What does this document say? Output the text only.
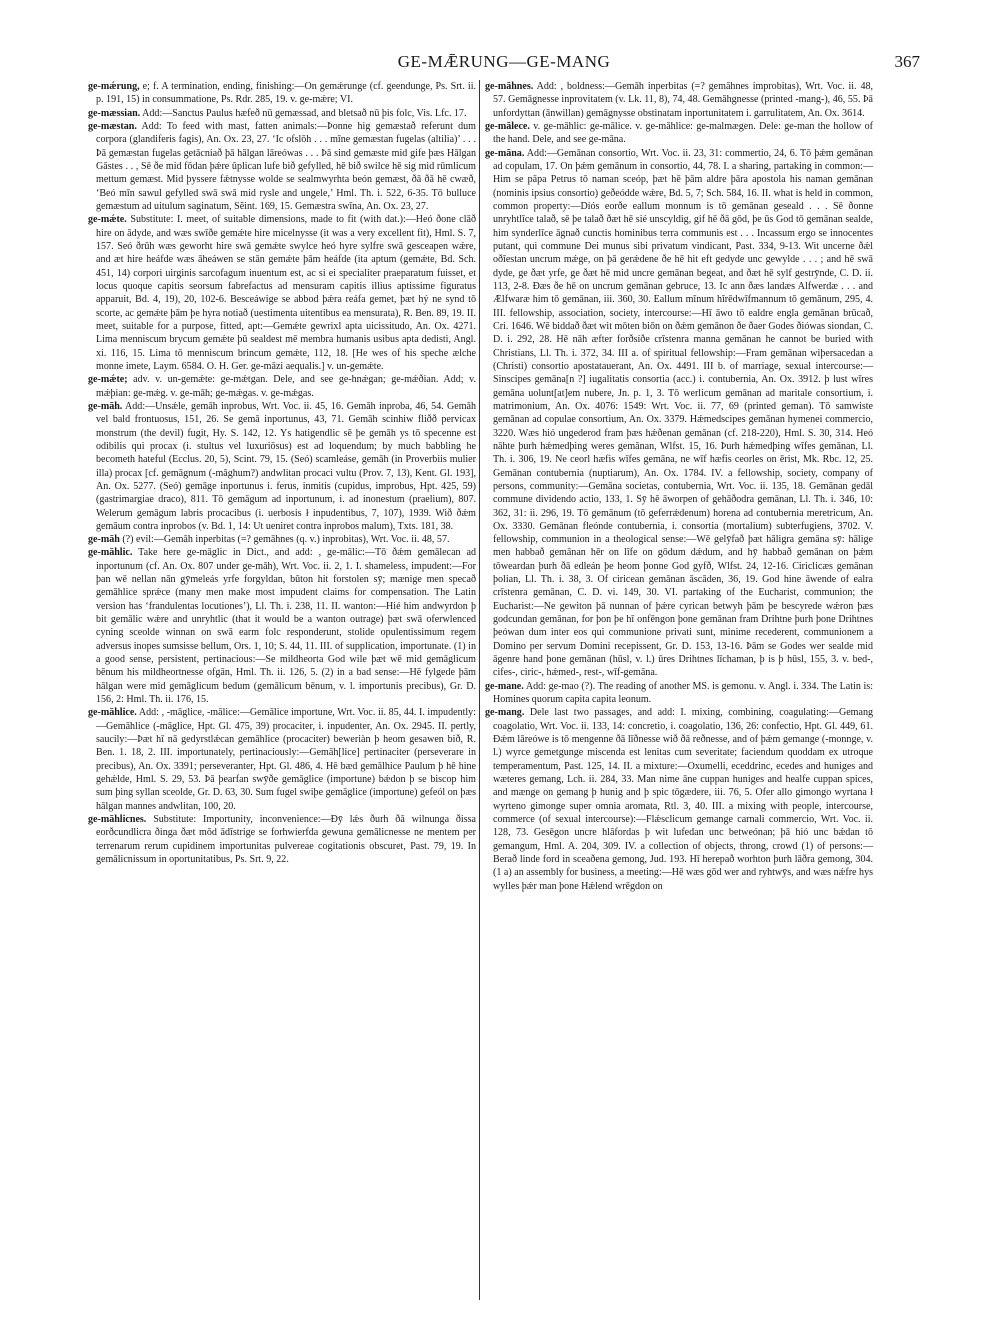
GE-MǢRUNG—GE-MANG	367

ge-mǽrung, e; f. A termination, ending, finishing:—On gemǽrunge (cf. geendunge, Ps. Srt. ii. p. 191, 15) in consummatione, Ps. Rdr. 285, 19. v. ge-mǽre; VI.

ge-mæssian. Add:—Sanctus Paulus hæfeð nū gemæssad, and bletsað nū þis folc, Vis. Lfc. 17.

ge-mæstan. Add: To feed with mast, fatten animals:—Þonne hig gemæstað referunt dum corpora (glandiferis fagis), An. Ox. 23, 27. ‘Ic ofslōh . . . mīne gemæstan fugelas (altilia)’ . . . Þā gemæstan fugelas getācniað þā hālgan lāreówas . . . Þā sind gemæste mid gife þæs Hālgan Gāstes . . , Sē ðe mid fōdan þǽre ūplican lufe bið gefylled, hē bið swilce hē sig mid rūmlicum mettum gemæst. Mid þyssere fǽtnysse wolde se sealmwyrhta beón gemæst, ðā ðā hē cwæð, ‘Beó mīn sawul gefylled swā swā mid rysle and ungele,’ Hml. Th. i. 522, 6-35. Tō bulluce gemæstum ad uitulum saginatum, Sĕint. 169, 15. Gemæstra swīna, An. Ox. 23, 27.

ge-mǽte. Substitute: I. meet, of suitable dimensions, made to fit (with dat.):—Heó ðone clāð hire on ādyde, and wæs swīðe gemǽte hire micelnysse (it was a very excellent fit), Hml. S. 7, 157. Seó ðrūh wæs geworht hire swā gemǽte swylce heó hyre sylfre swā gesceapen wǽre, and æt hire heáfde wæs āheáwen se stān gemǽte þām heáfde (ita aptum (gemǽte, Bd. Sch. 451, 14) corpori uirginis sarcofagum inuentum est, ac si ei specialiter praeparatum fuisset, et locus quoque capitis seorsum fabrefactus ad mensuram capitis illius aptissime figuratus apparuit, Bd. 4, 19), 20, 102-6. Besceáwige se abbod þǽra reáfa gemet, þæt hý ne synd tō scorte, ac gemǽte þām þe hyra notiað (uestimenta uitentibus ea mensurata), R. Ben. 89, 19. II. meet, suitable for a purpose, fitted, apt:—Gemǽte gewrixl apta uicissitudo, An. Ox. 4271. Lima menniscum brycum gemǽte þū sealdest mē membra humanis usibus apta dedisti, Angl. xi. 116, 15. Lima tō menniscum brincum gemǽte, 112, 18. [He wes of his speche ælche monne imete, Laym. 6584. O. H. Ger. ge-māzi aequalis.] v. un-gemǽte.

ge-mǽte; adv. v. un-gemǽte: ge-mǽtgan. Dele, and see ge-hnǽgan; ge-mǽðian. Add; v. mǽþian: ge-mǽg. v. ge-māh; ge-mǽgas. v. ge-mǽgas.

ge-māh. Add:—Unsǽle, gemāh inprobus, Wrt. Voc. ii. 45, 16. Gemāh inproba, 46, 54. Gemāh vel bald frontuosus, 151, 26. Se gemā inportunus, 43, 71. Gemāh scinhiw fliðð pervicax monstrum (the devil) fugit, Hy. S. 142, 12. Ys hatigendlic sē þe gemāh ys tō specenne est odibilis qui procax (i. stultus vel luxuriōsus) est ad loquendum; by much babbling he becometh hateful (Ecclus. 20, 5), Scint. 79, 15. (Seó) scamleáse, gemāh (in Proverbiis mulier illa) procax [cf. gemāgnum (-māghum?) andwlitan procaci vultu (Prov. 7, 13), Kent. Gl. 193], An. Ox. 5277. (Seó) gemāge inportunus i. ferus, inmitis (cupidus, improbus, Hpt. 425, 59) (gastrimargiae draco), 811. Tō gemāgum ad inportunum, i. ad inonestum (praelium), 807. Welerum gemāgum labris procacibus (i. uerbosis ł inpudentibus, 7, 107), 1939. Wið ðǽm gemāum contra inprobos (v. Bd. 1, 14: Ut ueniret contra inprobos malum), Txts. 181, 38.

ge-māh (?) evil:—Gemāh inperbitas (=? gemāhnes (q. v.) inprobitas), Wrt. Voc. ii. 48, 57.

ge-māhlic. Take here ge-māglic in Dict., and add: , ge-mālic:—Tō ðǽm gemālecan ad inportunum (cf. An. Ox. 807 under ge-māh), Wrt. Voc. ii. 2, 1. I. shameless, impudent:—For þan wē nellan nān gȳmeleás yrfe forgyldan, būton hit forstolen sȳ; mænige men specað gemāhlice sprǽce (many men make most impudent claims for compensation. The Latin version has ‘frandulentas locutiones’), Ll. Th. i. 238, 11. II. wanton:—Hié him andwyrdon þ bit gemālic wǽre and unryhtlic (that it would be a wanton outrage) þæt swā oferwlenced cyning sceolde winnan on swā earm folc responderunt, stolide opulentissimum regem adversus inopes sumsisse bellum, Ors. 1, 10; S. 44, 11. III. of supplication, importunate. (1) in a good sense, persistent, pertinacious:—Se mildheorta God wile þæt wē mid gemāglicum bēnum his mildheortnesse ofgān, Hml. Th. ii. 126, 5. (2) in a bad sense:—Hē fylgede þām hālgan were mid gemāglicum bedum (gemālicum bēnum, v. l. importunis precibus), Gr. D. 156, 2: Hml. Th. ii. 176, 15.

ge-māhlice. Add: , -māglice, -mālice:—Gemālice importune, Wrt. Voc. ii. 85, 44. I. impudently:—Gemāhlice (-māglice, Hpt. Gl. 475, 39) procaciter, i. inpudenter, An. Ox. 2945. II. pertly, saucily:—Þæt hī nā gedyrstlǽcan gemāhlice (procaciter) beweriàn þ heom gesawen bið, R. Ben. 1. 18, 2. III. importunately, pertinaciously:—Gemāh[lice] pertinaciter (perseverare in precibus), An. Ox. 3391; perseveranter, Hpt. Gl. 486, 4. Hē bæd gemālhice Paulum þ hē hine gehǽlde, Hml. S. 29, 53. Þā þearfan swȳðe gemāglice (importune) bǽdon þ se biscop him sum þing syllan sceolde, Gr. D. 63, 30. Sum fugel swiþe gemāglice (importune) gefeól on þæs hālgan mannes andwlitan, 100, 20.

ge-māhlicnes. Substitute: Importunity, inconvenience:—Ðȳ lǽs ðurh ðā wilnunga ðissa eorðcundlicra ðinga ðæt mōd ādīstrige se forhwierfda gewuna gemālicnesse ne mentem per terrenarum rerum cupidinem importunitas pulvereae cogitationis obscuret, Past. 79, 19. In gemālicnissum in oportunitatibus, Ps. Srt. 9, 22.

ge-māhnes. Add: , boldness:—Gemāh inperbitas (=? gemāhnes improbitas), Wrt. Voc. ii. 48, 57. Gemāgnesse inprovitatem (v. Lk. 11, 8), 74, 48. Gemāhgnesse (printed -mang-), 46, 55. Þā unfordyttan (ānwillan) gemāgnysse obstinatam inportunitatem i. garrulitatem, An. Ox. 3614.

ge-mālece. v. ge-māhlic: ge-mālice. v. ge-māhlice: ge-malmægen. Dele: ge-man the hollow of the hand. Dele, and see ge-māna.

ge-māna. Add:—Gemānan consortio, Wrt. Voc. ii. 23, 31: commertio, 24, 6. Tō þǽm gemānan ad copulam, 17. On þǽm gemānum in consortio, 44, 78. I. a sharing, partaking in common:—Him se pāpa Petrus tō naman sceóp, þæt hē þām aldre þāra apostola his naman gemānan (nominis ipsius consortio) geðeódde wǽre, Bd. 5, 7; Sch. 584, 16. II. what is held in common, common property:—Diós eorðe eallum monnum is tō gemānan geseald . . . Sē ðonne unryhtlīce talað, sē þe talað ðæt hē sié unscyldig, gif hē ðā gōd, þe ūs God tō gemānan sealde, him synderlīce āgnað cunctis hominibus terra communis est . . . Incassum ergo se innocentes putant, qui commune Dei munus sibi privatum vindicant, Past. 334, 9-13. Wit uncerne ðǽl oðīestan uncrum mǽge, on þā gerǽdene ðe hē hit eft gedyde unc gewylde . . . ; and hē swā dyde, ge ðæt yrfe, ge ðæt hē mid uncre gemānan begeat, and ðæt hē sylf gestrȳnde, C. D. ii. 113, 2-8. Ðæs ðe hē on uncrum gemānan gebruce, 13. Ic ann ðæs landæs Alfwerdæ . . . and Ælfwaræ him tō gemānan, iii. 360, 30. Eallum mīnum hīrēdwīfmannum tō gemānum, 295, 4. III. fellowship, association, society, intercourse:—Hī āwo tō ealdre engla gemānan brūcað, Cri. 1646. Wē biddað ðæt wit mōten biōn on ðǽm gemānon ðe ðaer Godes ðiówas siondan, C. D. i. 292, 28. Hē nāh æfter forðsíðe crīstenra manna gemānan he cannot be buried with Christians, Ll. Th. i. 372, 34. III a. of spiritual fellowship:—Fram gemānan wiþersacedan a (Christi) consortio apostatauerant, An. Ox. 4491. III b. of marriage, sexual intercourse:—Sinscipes gemāna[n ?] iugalitatis consortia (acc.) i. contubernia, An. Ox. 3912. þ lust wīres gemāna uolunt[at]em nubere, Jn. p. 1, 3. Tō werlicum gemānan ad maritale consortium, i. matrimonium, An. Ox. 4076: 1549: Wrt. Voc. ii. 77, 69 (printed geman). Tō samwiste gemānan ad copulae consortium, An. Ox. 3379. Hǽmedscipes gemānan hymenei commercio, 3220. Wæs hió ungederod fram þæs hǽðenan gemānan (cf. 218-220), Hml. S. 30, 314. Heó nāhte þurh hǽmedþing weres gemānan, Wlfst. 15, 16. Þurh hǽmedþing wīfes gemānan, Ll. Th. i. 306, 19. Ne ceorl hæfis wīfes gemāna, ne wīf hæfis ceorles on ērist, Mk. Rbc. 12, 25. Gemānan contubernia (nuptiarum), An. Ox. 1784. IV. a fellowship, society, company of persons, community:—Gemāna societas, contubernia, Wrt. Voc. ii. 135, 18. Gemānan gedāl commune dividendo actio, 133, 1. Sȳ hē āworpen of gehāðodra gemānan, Ll. Th. i. 346, 10: 362, 31: ii. 296, 19. Tō gemānum (tō geferrǽdenum) horena ad contubernia meretricum, An. Ox. 3330. Gemānan fleónde contubernia, i. consortia (mortalium) subterfugiens, 3702. V. fellowship, communion in a theological sense:—Wē gelȳfað þæt hāligra gemāna sȳ: hālige men habbað gemānan hēr on līfe on gōdum dǽdum, and hȳ habbað gemānan on þǽm tōweardan þurh ðā edleán þe heom þonne God gyfð, Wlfst. 24, 12-16. Ciriclicæs gemānan þolian, Ll. Th. i. 38, 3. Of ciricean gemānan āscāden, 36, 19. God hine āwende of ealra crīstenra gemānan, C. D. vi. 149, 30. VI. partaking of the Eucharist, communion; the Eucharist:—Ne gewiton þā nunnan of þǽre cyrican betwyh þām þe bescyrede wǽron þæs godcundan gemānan, for þon þe hī onfēngon þone gemānan fram Drihtne þurh þone Drihtnes þeówan dum inter eos qui communione privati sunt, minime recederent, communionem a Domino per servum Domini recepissent, Gr. D. 153, 13-16. Þām se Godes wer sealde mid āgenre hand þone gemānan (hūsl, v. l.) ūres Drihtnes līchaman, þ is þ hūsl, 155, 3. v. bed-, cifes-, ciric-, hǽmed-, rest-, wīf-gemāna.

ge-mane. Add: ge-mao (?). The reading of another MS. is gemonu. v. Angl. i. 334. The Latin is: Homines quorum capita capita leonum.

ge-mang. Dele last two passages, and add: I. mixing, combining, coagulating:—Gemang coagolatio, Wrt. Voc. ii. 133, 14: concretio, i. coagolatio, 136, 26: confectio, Hpt. Gl. 449, 61. Ðǽm lāreówe is tō mengenne ðā līðnesse wið ðā reðnesse, and of þǽm gemange (-monnge, v. l.) wyrce gemetgunge miscenda est lenitas cum severitate; faciendum quoddam ex utroque temperamentum, Past. 125, 14. II. a mixture:—Oxumelli, eceddrinc, ecedes and huniges and wæteres gemang, Lch. ii. 284, 33. Man nime āne cuppan huniges and healfe cuppan spices, and mænge on gemang þ hunig and þ spic tōgædere, iii. 76, 5. Ofer allo gimongo wyrtana ł wyrteno gimonge super omnia aromata, Rtl. 3, 40. III. a mixing with people, intercourse, commerce (of sexual intercourse):—Flǽsclicum gemange carnali commercio, Wrt. Voc. ii. 128, 73. Gesēgon uncre hlāfordas þ wit lufedan unc betweónan; þā hió unc bǽdan tō gemangum, Hml. A. 204, 309. IV. a collection of objects, throng, crowd (1) of persons:—Berað linde ford in sceaðena gemong, Jud. 193. Hī herepað worhton þurh lāðra gemong, 304. (1 a) an assembly for business, a meeting:—Hē wæs gōd wer and ryhtwȳs, and wæs nǽfre hys wylles þǽr man þone Hǽlend wrēgdon on
